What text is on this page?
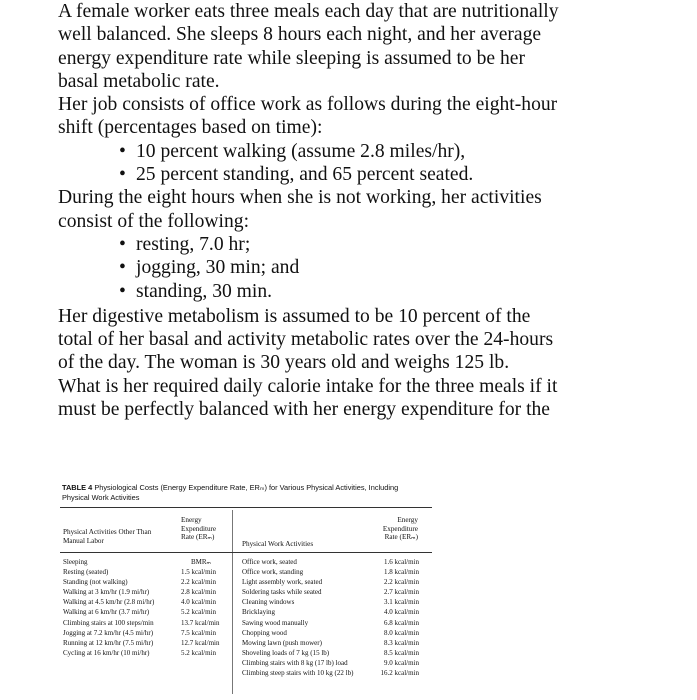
A female worker eats three meals each day that are nutritionally
well balanced. She sleeps 8 hours each night, and her average
energy expenditure rate while sleeping is assumed to be her
basal metabolic rate.

Her job consists of office work as follows during the eight-hour
shift (percentages based on time):

• 10 percent walking (assume 2.8 miles/hr),
• 25 percent standing, and 65 percent seated.

During the eight hours when she is not working, her activities
consist of the following:

• resting, 7.0 hr;
• jogging, 30 min; and
• standing, 30 min.

Her digestive metabolism is assumed to be 10 percent of the
total of her basal and activity metabolic rates over the 24-hours
of the day. The woman is 30 years old and weighs 125 lb.
What is her required daily calorie intake for the three meals if it
must be perfectly balanced with her energy expenditure for the

TABLE 4 Physiological Costs (Energy Expenditure Rate, ERₘ) for Various Physical Activities, Including
Physical Work Activities
Physical Activities Other Than
Manual Labor
Energy
Expenditure
Rate (ERₘ)
Physical Work Activities
Energy
Expenditure
Rate (ERₘ)
Sleeping
Resting (seated)
Standing (not walking)
Walking at 3 km/hr (1.9 mi/hr)
Walking at 4.5 km/hr (2.8 mi/hr)
Walking at 6 km/hr (3.7 mi/hr)
Climbing stairs at 100 steps/min
Jogging at 7.2 km/hr (4.5 mi/hr)
Running at 12 km/hr (7.5 mi/hr)
Cycling at 16 km/hr (10 mi/hr)
BMRₘ
1.5 kcal/min
2.2 kcal/min
2.8 kcal/min
4.0 kcal/min
5.2 kcal/min
13.7 kcal/min
7.5 kcal/min
12.7 kcal/min
5.2 kcal/min
Office work, seated
Office work, standing
Light assembly work, seated
Soldering tasks while seated
Cleaning windows
Bricklaying
Sawing wood manually
Chopping wood
Mowing lawn (push mower)
Shoveling loads of 7 kg (15 lb)
Climbing stairs with 8 kg (17 lb) load
Climbing steep stairs with 10 kg (22 lb)
1.6 kcal/min
1.8 kcal/min
2.2 kcal/min
2.7 kcal/min
3.1 kcal/min
4.0 kcal/min
6.8 kcal/min
8.0 kcal/min
8.3 kcal/min
8.5 kcal/min
9.0 kcal/min
16.2 kcal/min
